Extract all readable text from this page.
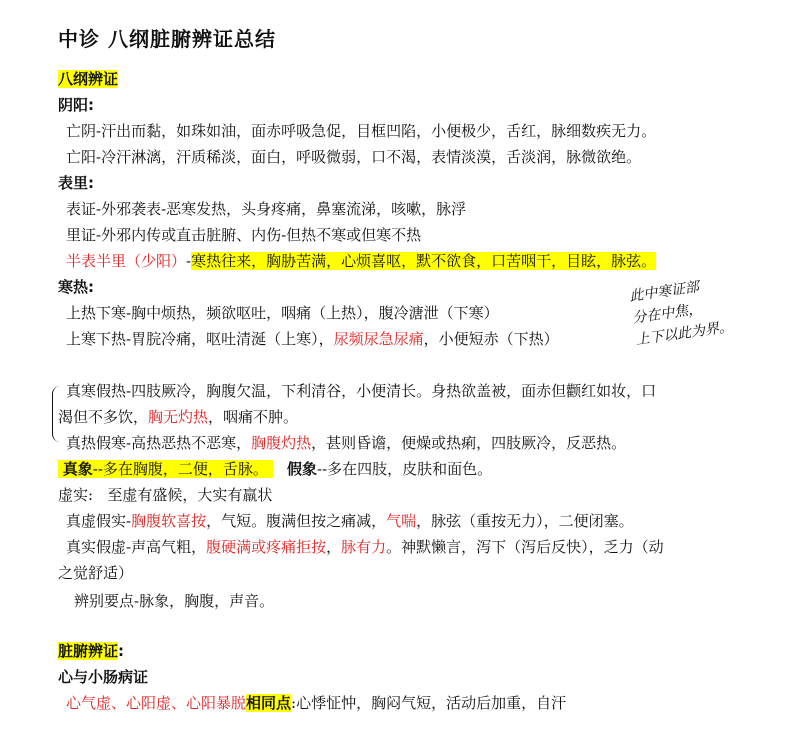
中诊 八纲脏腑辨证总结
八纲辨证
阴阳:
亡阴-汗出而黏，如珠如油，面赤呼吸急促，目框凹陷，小便极少，舌红，脉细数疾无力。
亡阳-冷汗淋漓，汗质稀淡，面白，呼吸微弱，口不渴，表情淡漠，舌淡润，脉微欲绝。
表里:
表证-外邪袭表-恶寒发热，头身疼痛，鼻塞流涕，咳嗽，脉浮
里证-外邪内传或直击脏腑、内伤-但热不寒或但寒不热
半表半里（少阳）-寒热往来，胸胁苦满，心烦喜呕，默不欲食，口苦咽干，目眩，脉弦。
寒热:
上热下寒-胸中烦热，频欲呕吐，咽痛（上热），腹冷溏泄（下寒）
上寒下热-胃脘冷痛，呕吐清涎（上寒），尿频尿急尿痛，小便短赤（下热）
此中寒证部
分在中焦，
上下以此为界。
真寒假热-四肢厥冷，胸腹欠温，下利清谷，小便清长。身热欲盖被，面赤但颧红如妆，口
渴但不多饮，胸无灼热，咽痛不肿。
真热假寒-高热恶热不恶寒，胸腹灼热，甚则昏谵，便燥或热痢，四肢厥冷，反恶热。
真象--多在胸腹，二便，舌脉。 假象--多在四肢，皮肤和面色。
虚实: 至虚有盛候，大实有羸状
真虚假实-胸腹软喜按，气短。腹满但按之痛减，气喘，脉弦（重按无力），二便闭塞。
真实假虚-声高气粗，腹硬满或疼痛拒按，脉有力。神默懒言，泻下（泻后反快），乏力（动
之觉舒适）
辨别要点-脉象，胸腹，声音。
脏腑辨证:
心与小肠病证
心气虚、心阳虚、心阳暴脱相同点:心悸怔忡，胸闷气短，活动后加重，自汗
